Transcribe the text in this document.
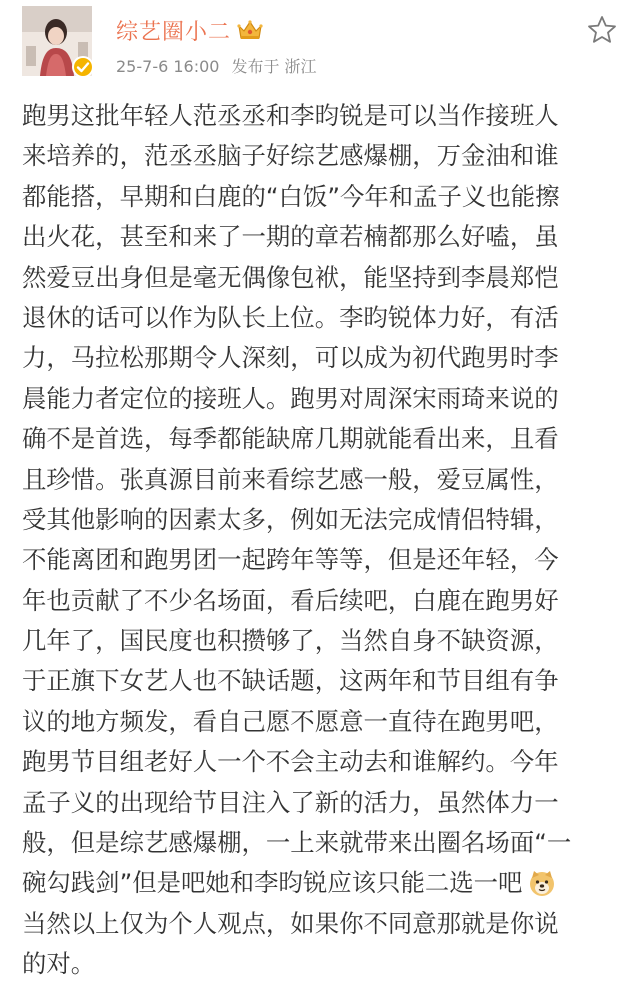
综艺圈小二
25-7-6 16:00 发布于 浙江
跑男这批年轻人范丞丞和李昀锐是可以当作接班人
来培养的，范丞丞脑子好综艺感爆棚，万金油和谁
都能搭，早期和白鹿的“白饭”今年和孟子义也能擦
出火花，甚至和来了一期的章若楠都那么好嗑，虽
然爱豆出身但是毫无偶像包袱，能坚持到李晨郑恺
退休的话可以作为队长上位。李昀锐体力好，有活
力，马拉松那期令人深刻，可以成为初代跑男时李
晨能力者定位的接班人。跑男对周深宋雨琦来说的
确不是首选，每季都能缺席几期就能看出来，且看
且珍惜。张真源目前来看综艺感一般，爱豆属性，
受其他影响的因素太多，例如无法完成情侣特辑，
不能离团和跑男团一起跨年等等，但是还年轻，今
年也贡献了不少名场面，看后续吧，白鹿在跑男好
几年了，国民度也积攒够了，当然自身不缺资源，
于正旗下女艺人也不缺话题，这两年和节目组有争
议的地方频发，看自己愿不愿意一直待在跑男吧，
跑男节目组老好人一个不会主动去和谁解约。今年
孟子义的出现给节目注入了新的活力，虽然体力一
般，但是综艺感爆棚，一上来就带来出圈名场面“一
碗勾践剑”但是吧她和李昀锐应该只能二选一吧
当然以上仅为个人观点，如果你不同意那就是你说
的对。
